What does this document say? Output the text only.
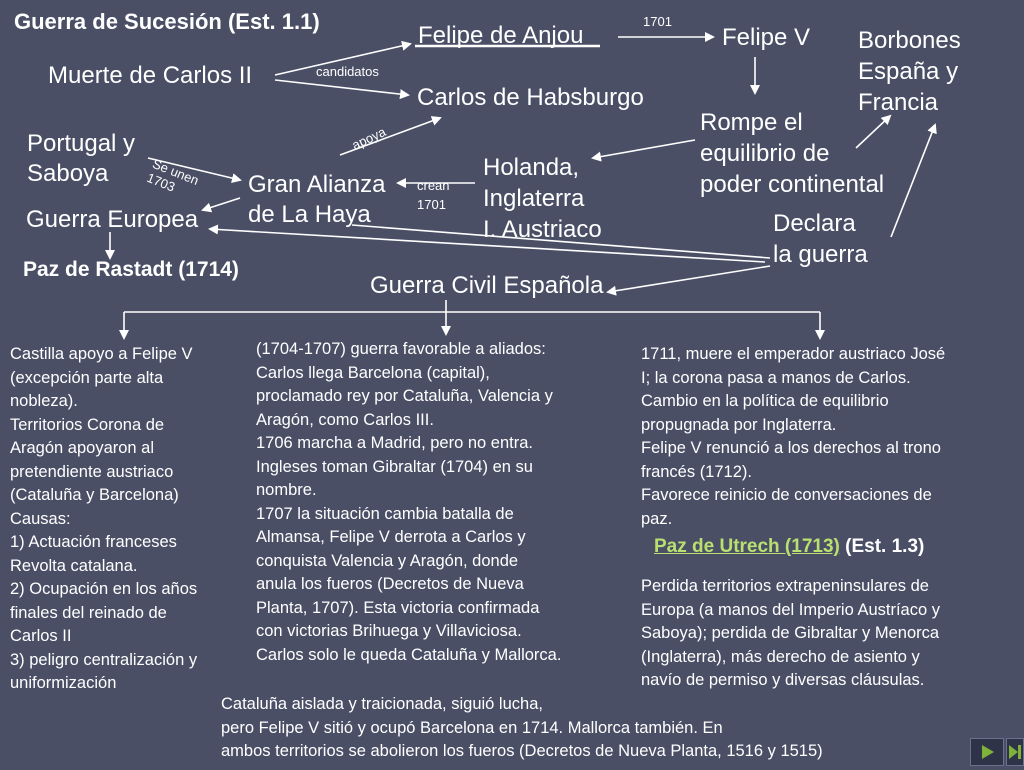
Guerra de Sucesión (Est. 1.1)
Felipe de Anjou	Felipe V Borbones
España y
Francia
Muerte de Carlos II
Carlos de Habsburgo
Rompe el
equilibrio de
poder continental
Portugal y
Saboya	Gran Alianza
de La Haya
Holanda,
Inglaterra
I. Austriaco
Guerra Europea	Declara
la guerra
Paz de Rastadt (1714)
Guerra Civil Española
1701
candidatos
apoya
Se unen
1703	crean
1701
Castilla apoyo a Felipe V
(excepción parte alta
nobleza).
Territorios Corona de
Aragón apoyaron al
pretendiente austriaco
(Cataluña y Barcelona)
Causas:
1) Actuación franceses
Revolta catalana.
2) Ocupación en los años
finales del reinado de
Carlos II
3) peligro centralización y
uniformización
(1704-1707) guerra favorable a aliados:
Carlos llega Barcelona (capital),
proclamado rey por Cataluña, Valencia y
Aragón, como Carlos III.
1706 marcha a Madrid, pero no entra.
Ingleses toman Gibraltar (1704) en su
nombre.
1707 la situación cambia batalla de
Almansa, Felipe V derrota a Carlos y
conquista Valencia y Aragón, donde
anula los fueros (Decretos de Nueva
Planta, 1707). Esta victoria confirmada
con victorias Brihuega y Villaviciosa.
Carlos solo le queda Cataluña y Mallorca.
1711, muere el emperador austriaco José
I; la corona pasa a manos de Carlos.
Cambio en la política de equilibrio
propugnada por Inglaterra.
Felipe V renunció a los derechos al trono
francés (1712).
Favorece reinicio de conversaciones de
paz.
Paz de Utrech (1713) (Est. 1.3)
Perdida territorios extrapeninsulares de
Europa (a manos del Imperio Austríaco y
Saboya); perdida de Gibraltar y Menorca
(Inglaterra), más derecho de asiento y
navío de permiso y diversas cláusulas.
Cataluña aislada y traicionada, siguió lucha,
pero Felipe V sitió y ocupó Barcelona en 1714. Mallorca también. En
ambos territorios se abolieron los fueros (Decretos de Nueva Planta, 1516 y 1515)
